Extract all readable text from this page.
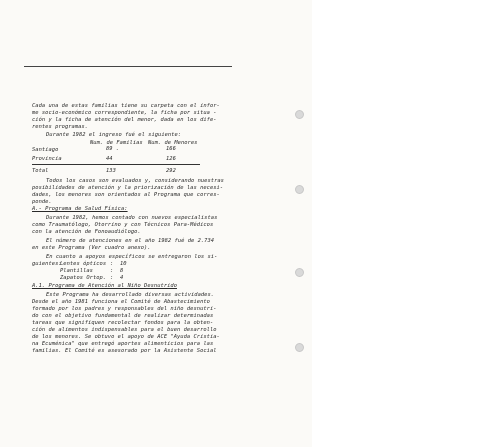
Cada una de estas familias tiene su carpeta con el infor-
me socio-económico correspondiente, la ficha por situa -
ción y la ficha de atención del menor, dada en los dife-
rentes programas.
Durante 1982 el ingreso fué el siguiente:
Num. de Familias Num. de Menores
Santiago	89 .	166
Provincia	44	126
Total	133	292
Todos los casos son evaluados y, considerando nuestras
posibilidades de atención y la priorización de las necesi-
dades, los menores son orientados al Programa que corres-
ponde.
A.- Programa de Salud Física:
Durante 1982, hemos contado con nuevos especialistas
como Traumatólogo, Otorrino y con Técnicos Para-Médicos
con la atención de Fonoaudiólogo.
El número de atenciones en el año 1982 fué de 2.734
en este Programa (Ver cuadro anexo).
En cuanto a apoyos específicos se entregaron los si-
guientes:
Lentes ópticos : 10
Plantillas	: 8
Zapatos Ortop. : 4
A.1. Programa de Atención al Niño Desnutrido
Este Programa ha desarrollado diversas actividades.
Desde el año 1981 funciona el Comité de Abastecimiento
formado por los padres y responsables del niño desnutri-
do con el objetivo fundamental de realizar determinadas
tareas que signifiquen recolectar fondos para la obten-
ción de alimentos indispensables para el buen desarrollo
de los menores. Se obtuvo el apoyo de ACE "Ayuda Cristia-
na Ecuménica" que entregó aportes alimenticios para las
familias. El Comité es asesorado por la Asistente Social
